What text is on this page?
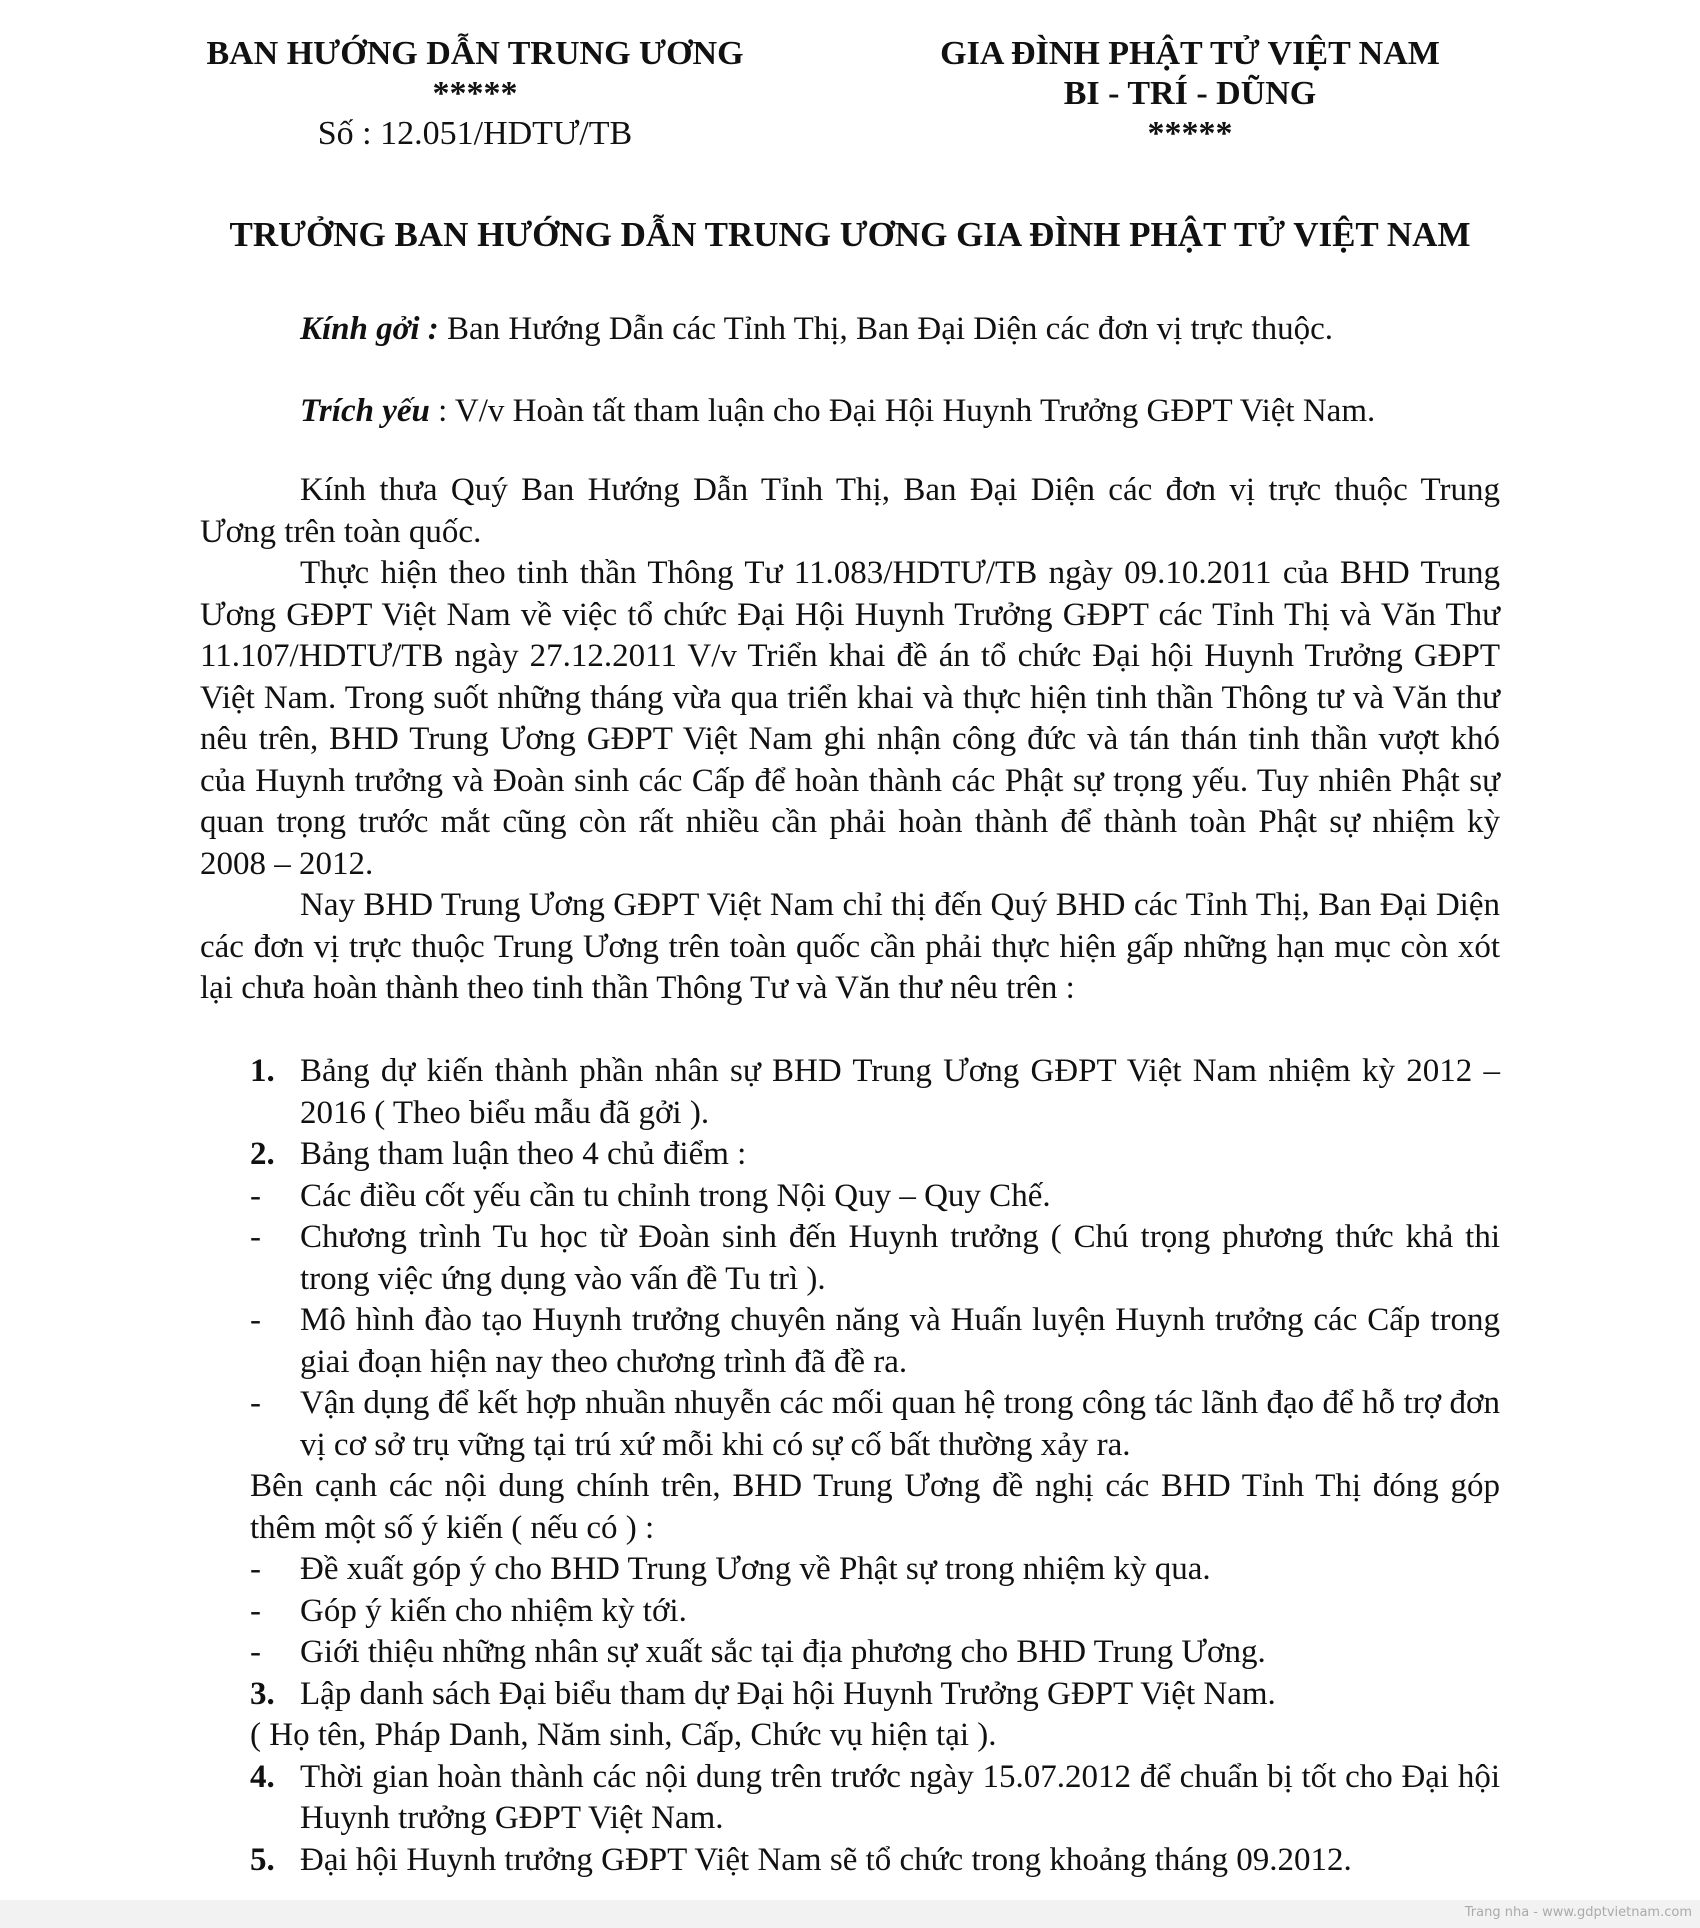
BAN HƯỚNG DẪN TRUNG ƯƠNG
*****
Số : 12.051/HDTƯ/TB
GIA ĐÌNH PHẬT TỬ VIỆT NAM
BI - TRÍ - DŨNG
*****
TRƯỞNG BAN HƯỚNG DẪN TRUNG ƯƠNG GIA ĐÌNH PHẬT TỬ VIỆT NAM
Kính gởi : Ban Hướng Dẫn các Tỉnh Thị, Ban Đại Diện các đơn vị trực thuộc.
Trích yếu : V/v Hoàn tất tham luận cho Đại Hội Huynh Trưởng GĐPT Việt Nam.

Kính thưa Quý Ban Hướng Dẫn Tỉnh Thị, Ban Đại Diện các đơn vị trực thuộc Trung Ương trên toàn quốc.

Thực hiện theo tinh thần Thông Tư 11.083/HDTƯ/TB ngày 09.10.2011 của BHD Trung Ương GĐPT Việt Nam về việc tổ chức Đại Hội Huynh Trưởng GĐPT các Tỉnh Thị và Văn Thư 11.107/HDTƯ/TB ngày 27.12.2011 V/v Triển khai đề án tổ chức Đại hội Huynh Trưởng GĐPT Việt Nam. Trong suốt những tháng vừa qua triển khai và thực hiện tinh thần Thông tư và Văn thư nêu trên, BHD Trung Ương GĐPT Việt Nam ghi nhận công đức và tán thán tinh thần vượt khó của Huynh trưởng và Đoàn sinh các Cấp để hoàn thành các Phật sự trọng yếu. Tuy nhiên Phật sự quan trọng trước mắt cũng còn rất nhiều cần phải hoàn thành để thành toàn Phật sự nhiệm kỳ 2008 – 2012.

Nay BHD Trung Ương GĐPT Việt Nam chỉ thị đến Quý BHD các Tỉnh Thị, Ban Đại Diện các đơn vị trực thuộc Trung Ương trên toàn quốc cần phải thực hiện gấp những hạn mục còn xót lại chưa hoàn thành theo tinh thần Thông Tư và Văn thư nêu trên :

1. Bảng dự kiến thành phần nhân sự BHD Trung Ương GĐPT Việt Nam nhiệm kỳ 2012 – 2016 ( Theo biểu mẫu đã gởi ).
2. Bảng tham luận theo 4 chủ điểm :
- Các điều cốt yếu cần tu chỉnh trong Nội Quy – Quy Chế.
- Chương trình Tu học từ Đoàn sinh đến Huynh trưởng ( Chú trọng phương thức khả thi trong việc ứng dụng vào vấn đề Tu trì ).
- Mô hình đào tạo Huynh trưởng chuyên năng và Huấn luyện Huynh trưởng các Cấp trong giai đoạn hiện nay theo chương trình đã đề ra.
- Vận dụng để kết hợp nhuần nhuyễn các mối quan hệ trong công tác lãnh đạo để hỗ trợ đơn vị cơ sở trụ vững tại trú xứ mỗi khi có sự cố bất thường xảy ra.
Bên cạnh các nội dung chính trên, BHD Trung Ương đề nghị các BHD Tỉnh Thị đóng góp thêm một số ý kiến ( nếu có ) :
- Đề xuất góp ý cho BHD Trung Ương về Phật sự trong nhiệm kỳ qua.
- Góp ý kiến cho nhiệm kỳ tới.
- Giới thiệu những nhân sự xuất sắc tại địa phương cho BHD Trung Ương.
3. Lập danh sách Đại biểu tham dự Đại hội Huynh Trưởng GĐPT Việt Nam.
( Họ tên, Pháp Danh, Năm sinh, Cấp, Chức vụ hiện tại ).
4. Thời gian hoàn thành các nội dung trên trước ngày 15.07.2012 để chuẩn bị tốt cho Đại hội Huynh trưởng GĐPT Việt Nam.
5. Đại hội Huynh trưởng GĐPT Việt Nam sẽ tổ chức trong khoảng tháng 09.2012.
Trang nha - www.gdptvietnam.com
